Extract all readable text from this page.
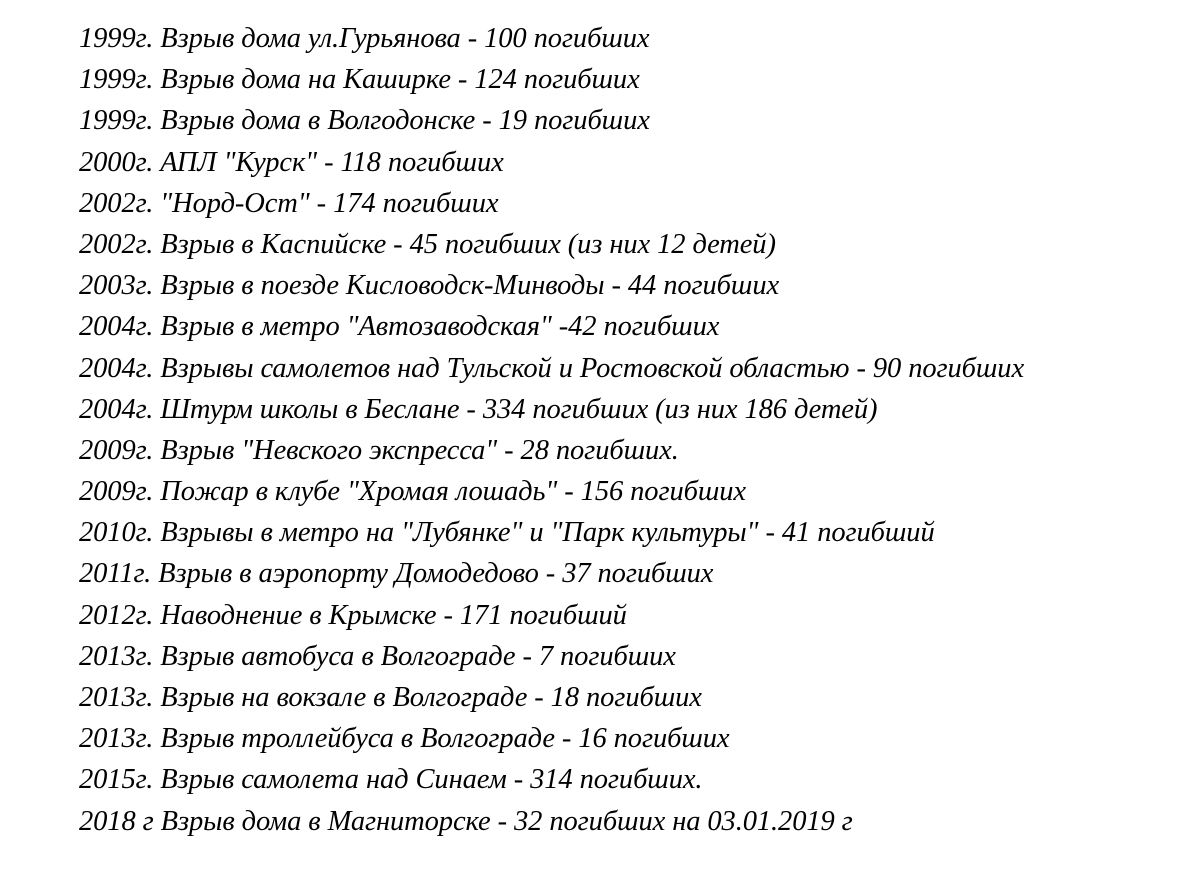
1999г. Взрыв дома ул.Гурьянова - 100 погибших
1999г. Взрыв дома на Каширке - 124 погибших
1999г. Взрыв дома в Волгодонске - 19 погибших
2000г. АПЛ "Курск" - 118 погибших
2002г. "Норд-Ост" - 174 погибших
2002г. Взрыв в Каспийске - 45 погибших (из них 12 детей)
2003г. Взрыв в поезде Кисловодск-Минводы - 44 погибших
2004г. Взрыв в метро "Автозаводская" -42 погибших
2004г. Взрывы самолетов над Тульской и Ростовской областью - 90 погибших
2004г. Штурм школы в Беслане - 334 погибших (из них 186 детей)
2009г. Взрыв "Невского экспресса" - 28 погибших.
2009г. Пожар в клубе "Хромая лошадь" - 156 погибших
2010г. Взрывы в метро на "Лубянке" и "Парк культуры" - 41 погибший
2011г. Взрыв в аэропорту Домодедово - 37 погибших
2012г. Наводнение в Крымске - 171 погибший
2013г. Взрыв автобуса в Волгограде - 7 погибших
2013г. Взрыв на вокзале в Волгограде - 18 погибших
2013г. Взрыв троллейбуса в Волгограде - 16 погибших
2015г. Взрыв самолета над Синаем - 314 погибших.
2018 г Взрыв дома в Магниторске - 32 погибших на 03.01.2019 г
